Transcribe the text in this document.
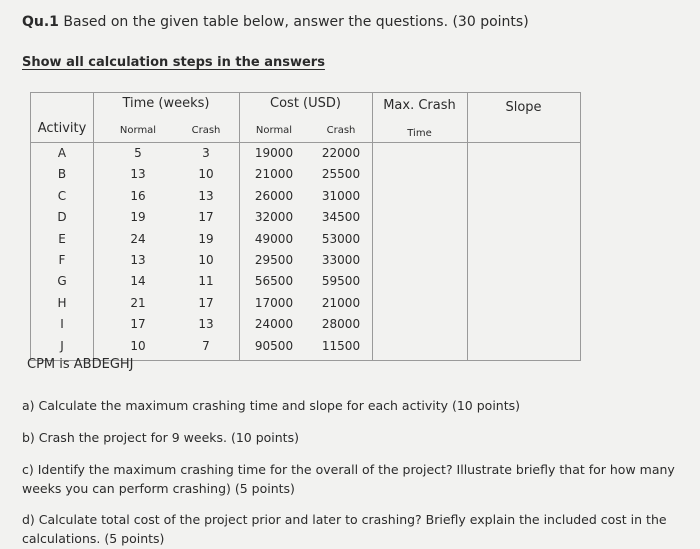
Qu.1 Based on the given table below, answer the questions. (30 points)
Show all calculation steps in the answers
Time (weeks)	Cost (USD)	Max. Crash	Slope
Activity	Normal	Crash	Normal	Crash	Time
A	5	3	19000	22000
B	13	10	21000	25500
C	16	13	26000	31000
D	19	17	32000	34500
E	24	19	49000	53000
F	13	10	29500	33000
G	14	11	56500	59500
H	21	17	17000	21000
I	17	13	24000	28000
J	10	7	90500	11500
CPM is ABDEGHJ
a) Calculate the maximum crashing time and slope for each activity (10 points)
b) Crash the project for 9 weeks. (10 points)
c) Identify the maximum crashing time for the overall of the project? Illustrate briefly that for how many weeks you can perform crashing) (5 points)
d) Calculate total cost of the project prior and later to crashing? Briefly explain the included cost in the calculations. (5 points)
